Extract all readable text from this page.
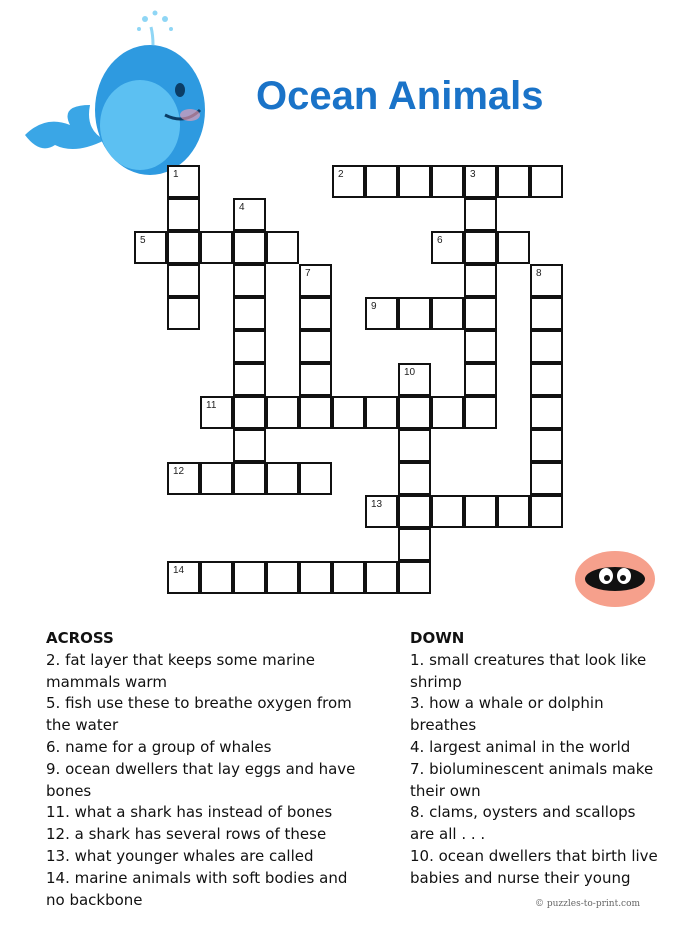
Ocean Animals
1	2	3
4
5	6
7	8
9
10
11
12
13
14
ACROSS
2. fat layer that keeps some marine mammals warm
5. fish use these to breathe oxygen from the water
6. name for a group of whales
9. ocean dwellers that lay eggs and have bones
11. what a shark has instead of bones
12. a shark has several rows of these
13. what younger whales are called
14. marine animals with soft bodies and no backbone
DOWN
1. small creatures that look like shrimp
3. how a whale or dolphin breathes
4. largest animal in the world
7. bioluminescent animals make their own
8. clams, oysters and scallops are all . . .
10. ocean dwellers that birth live babies and nurse their young
© puzzles-to-print.com
